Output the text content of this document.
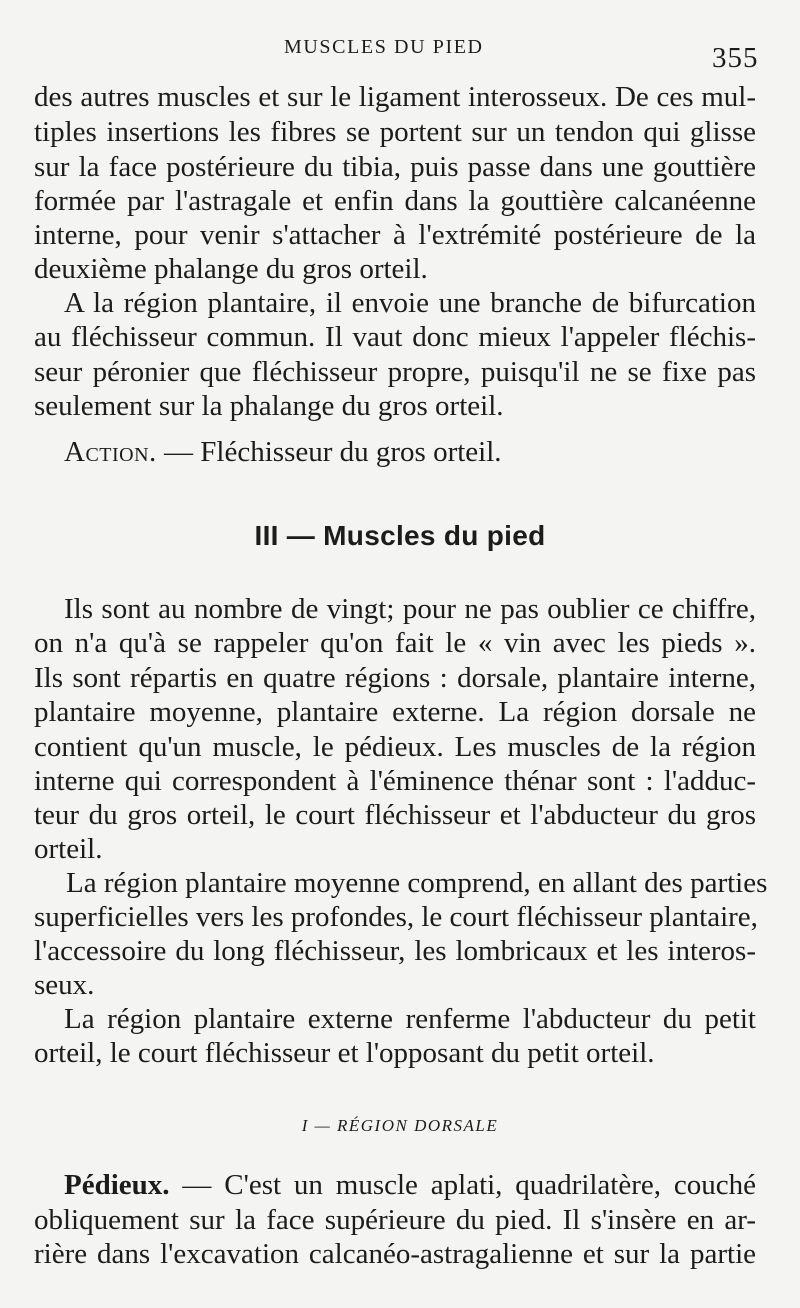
MUSCLES DU PIED	355
des autres muscles et sur le ligament interosseux. De ces mul-
tiples insertions les fibres se portent sur un tendon qui glisse
sur la face postérieure du tibia, puis passe dans une gouttière
formée par l'astragale et enfin dans la gouttière calcanéenne
interne, pour venir s'attacher à l'extrémité postérieure de la
deuxième phalange du gros orteil.
A la région plantaire, il envoie une branche de bifurcation
au fléchisseur commun. Il vaut donc mieux l'appeler fléchis-
seur péronier que fléchisseur propre, puisqu'il ne se fixe pas
seulement sur la phalange du gros orteil.
Action. — Fléchisseur du gros orteil.
III — Muscles du pied
Ils sont au nombre de vingt; pour ne pas oublier ce chiffre,
on n'a qu'à se rappeler qu'on fait le « vin avec les pieds ».
Ils sont répartis en quatre régions : dorsale, plantaire interne,
plantaire moyenne, plantaire externe. La région dorsale ne
contient qu'un muscle, le pédieux. Les muscles de la région
interne qui correspondent à l'éminence thénar sont : l'adduc-
teur du gros orteil, le court fléchisseur et l'abducteur du gros
orteil.
La région plantaire moyenne comprend, en allant des parties
superficielles vers les profondes, le court fléchisseur plantaire,
l'accessoire du long fléchisseur, les lombricaux et les interos-
seux.
La région plantaire externe renferme l'abducteur du petit
orteil, le court fléchisseur et l'opposant du petit orteil.
I — RÉGION DORSALE
Pédieux. — C'est un muscle aplati, quadrilatère, couché
obliquement sur la face supérieure du pied. Il s'insère en ar-
rière dans l'excavation calcanéo-astragalienne et sur la partie
